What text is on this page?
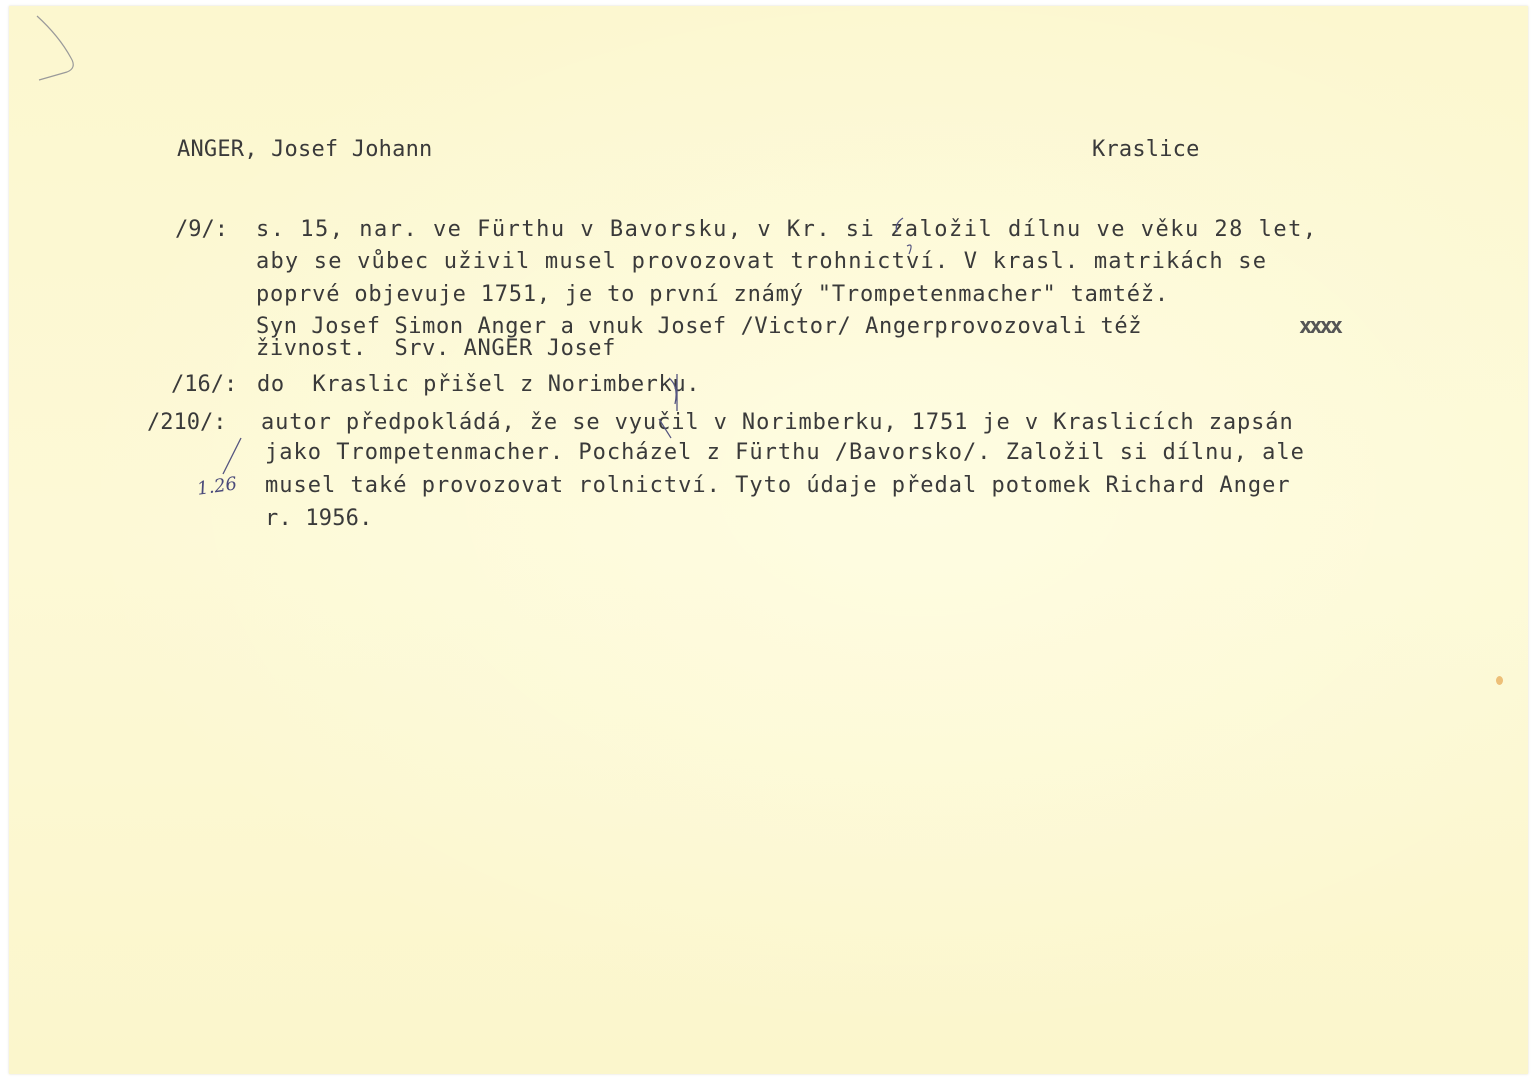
ANGER, Josef Johann	Kraslice
/9/: s. 15, nar. ve Fürthu v Bavorsku, v Kr. si založil dílnu ve věku 28 let,
aby se vůbec uživil musel provozovat trohnictví. V krasl. matrikách se
poprvé objevuje 1751, je to první známý "Trompetenmacher" tamtéž.
Syn Josef Simon Anger a vnuk Josef /Victor/ Angerprovozovali též	xxxx
živnost.  Srv. ANGER Josef
/16/: do  Kraslic přišel z Norimberku.
/210/: autor předpokládá, že se vyučil v Norimberku, 1751 je v Kraslicích zapsán
jako Trompetenmacher. Pocházel z Fürthu /Bavorsko/. Založil si dílnu, ale
musel také provozovat rolnictví. Tyto údaje předal potomek Richard Anger
r. 1956.
1.26
